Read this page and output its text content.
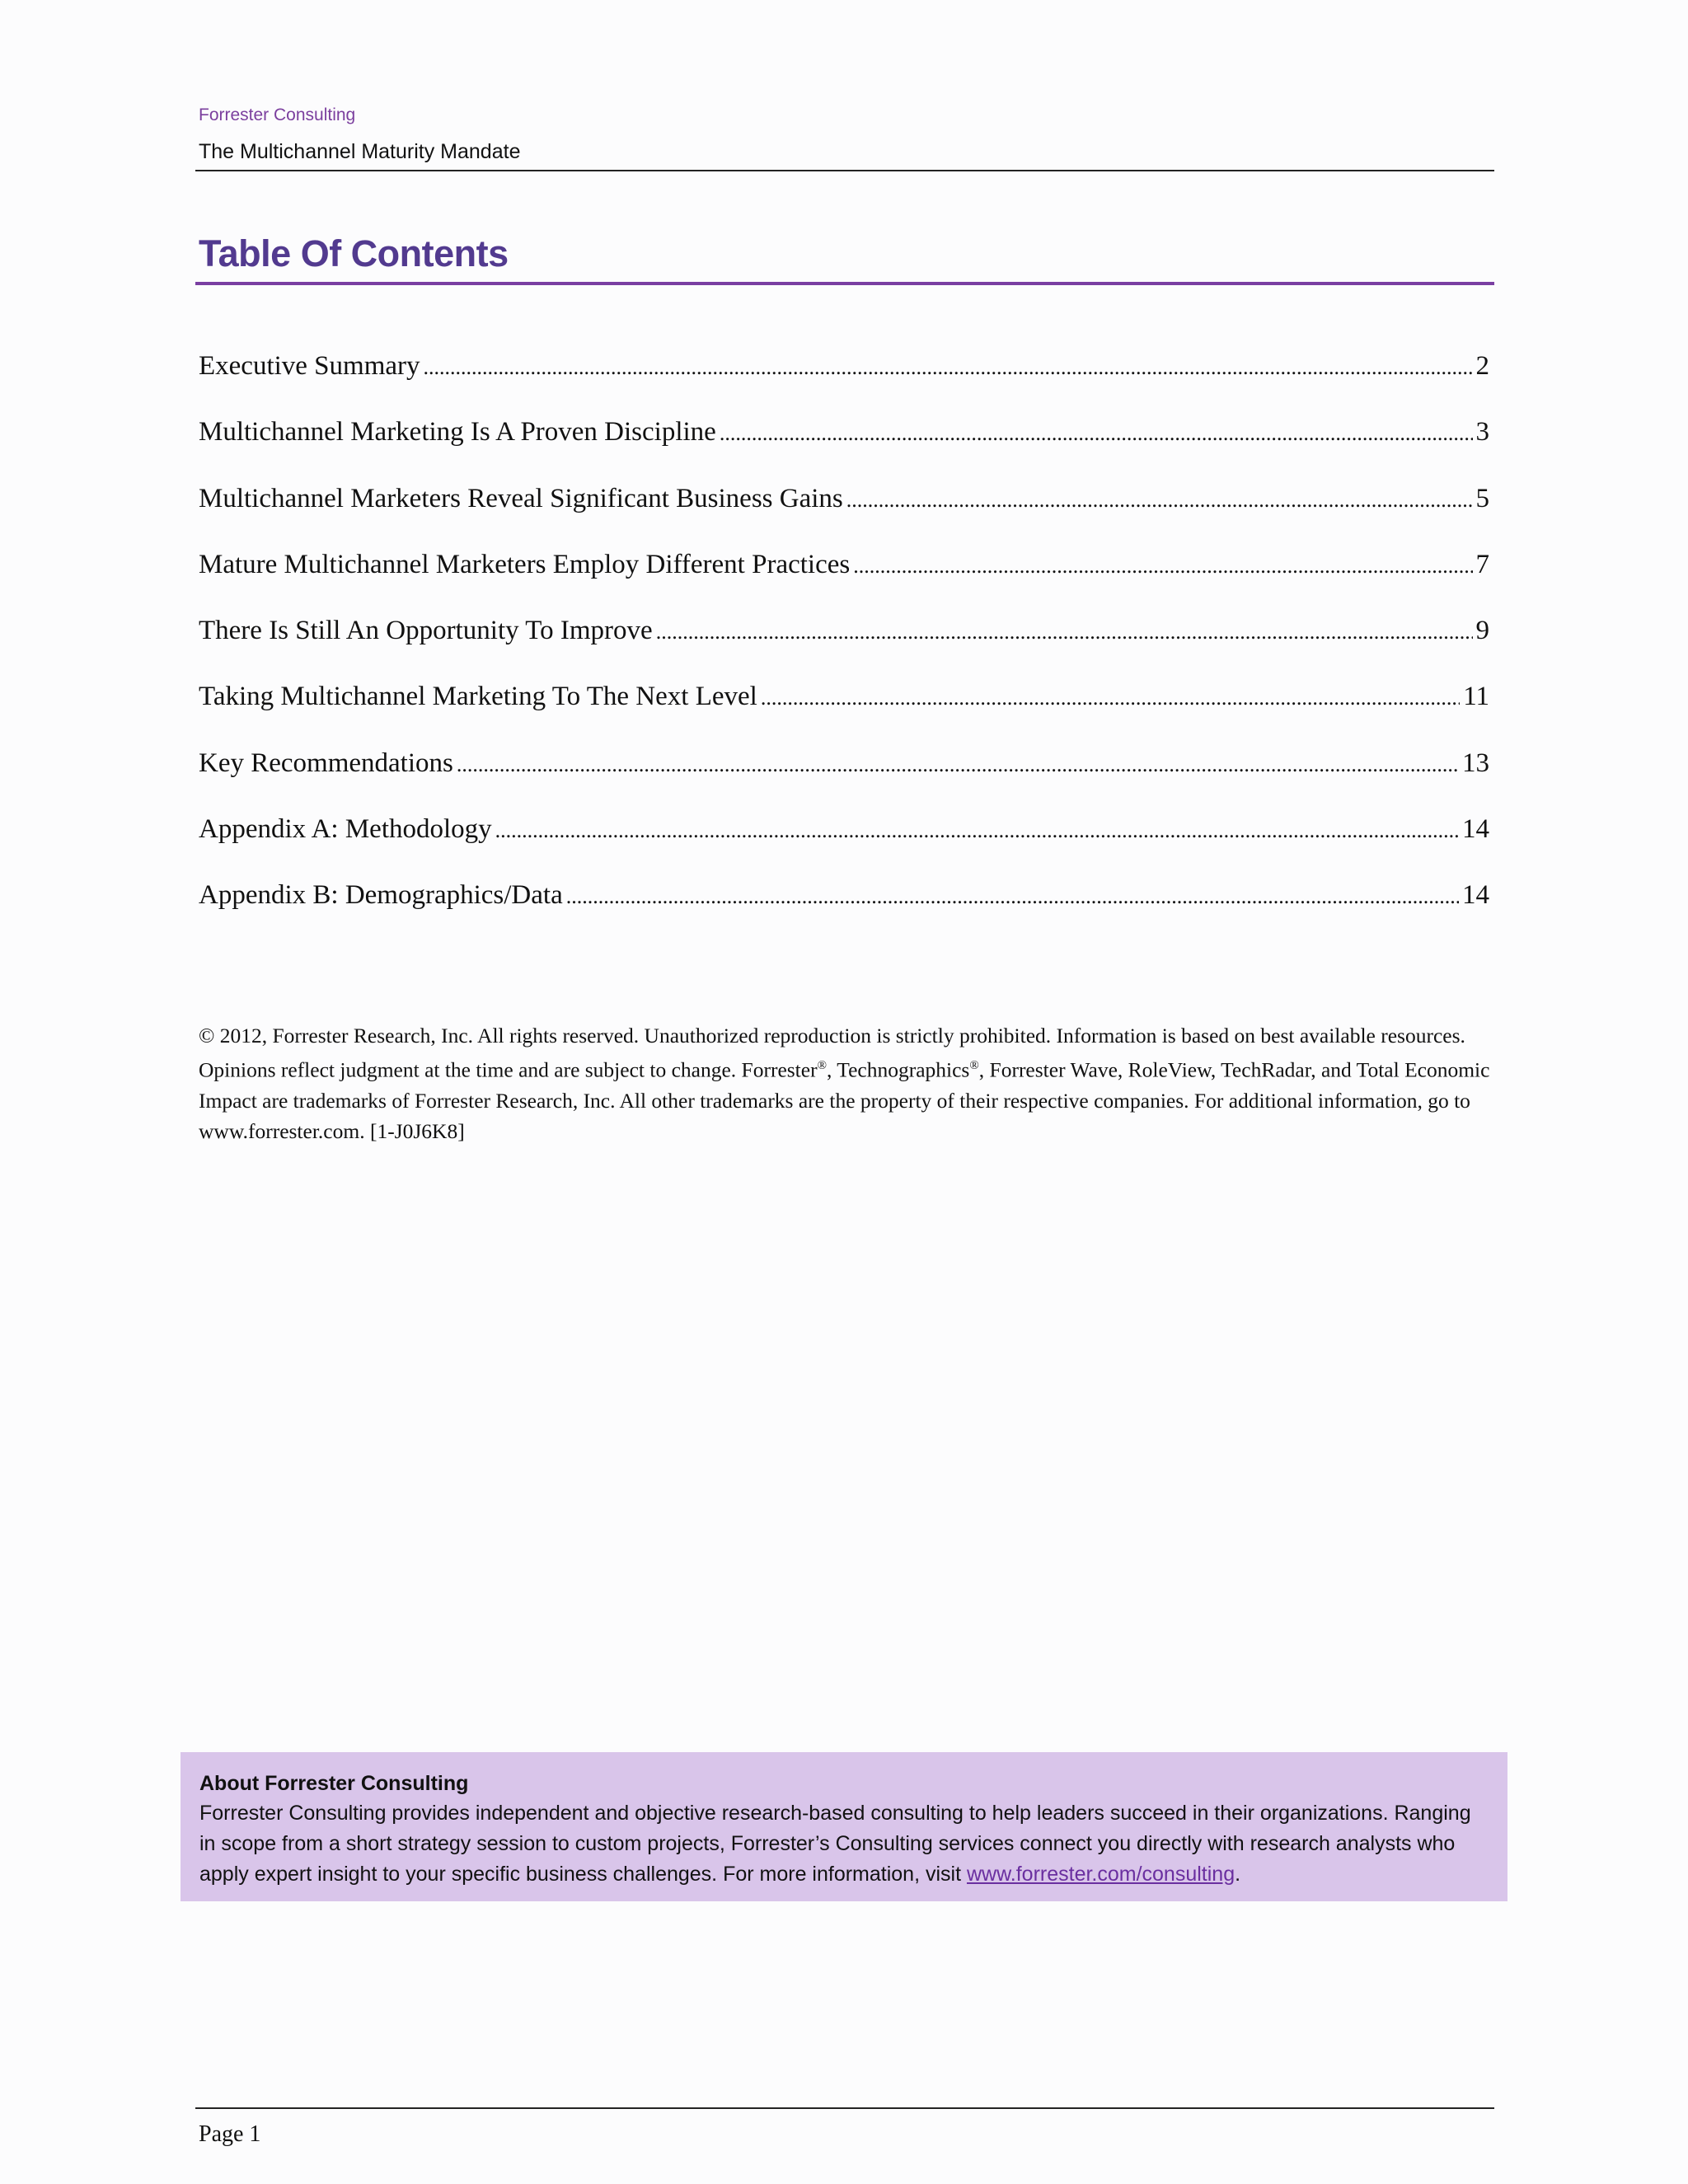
Forrester Consulting
The Multichannel Maturity Mandate
Table Of Contents
Executive Summary .....	2
Multichannel Marketing Is A Proven Discipline .....	3
Multichannel Marketers Reveal Significant Business Gains .....	5
Mature Multichannel Marketers Employ Different Practices .....	7
There Is Still An Opportunity To Improve .....	9
Taking Multichannel Marketing To The Next Level .....	11
Key Recommendations .....	13
Appendix A: Methodology .....	14
Appendix B: Demographics/Data .....	14
© 2012, Forrester Research, Inc. All rights reserved. Unauthorized reproduction is strictly prohibited. Information is based on best available resources. Opinions reflect judgment at the time and are subject to change. Forrester®, Technographics®, Forrester Wave, RoleView, TechRadar, and Total Economic Impact are trademarks of Forrester Research, Inc. All other trademarks are the property of their respective companies. For additional information, go to www.forrester.com. [1-J0J6K8]
About Forrester Consulting
Forrester Consulting provides independent and objective research-based consulting to help leaders succeed in their organizations. Ranging in scope from a short strategy session to custom projects, Forrester’s Consulting services connect you directly with research analysts who apply expert insight to your specific business challenges. For more information, visit www.forrester.com/consulting.
Page 1
